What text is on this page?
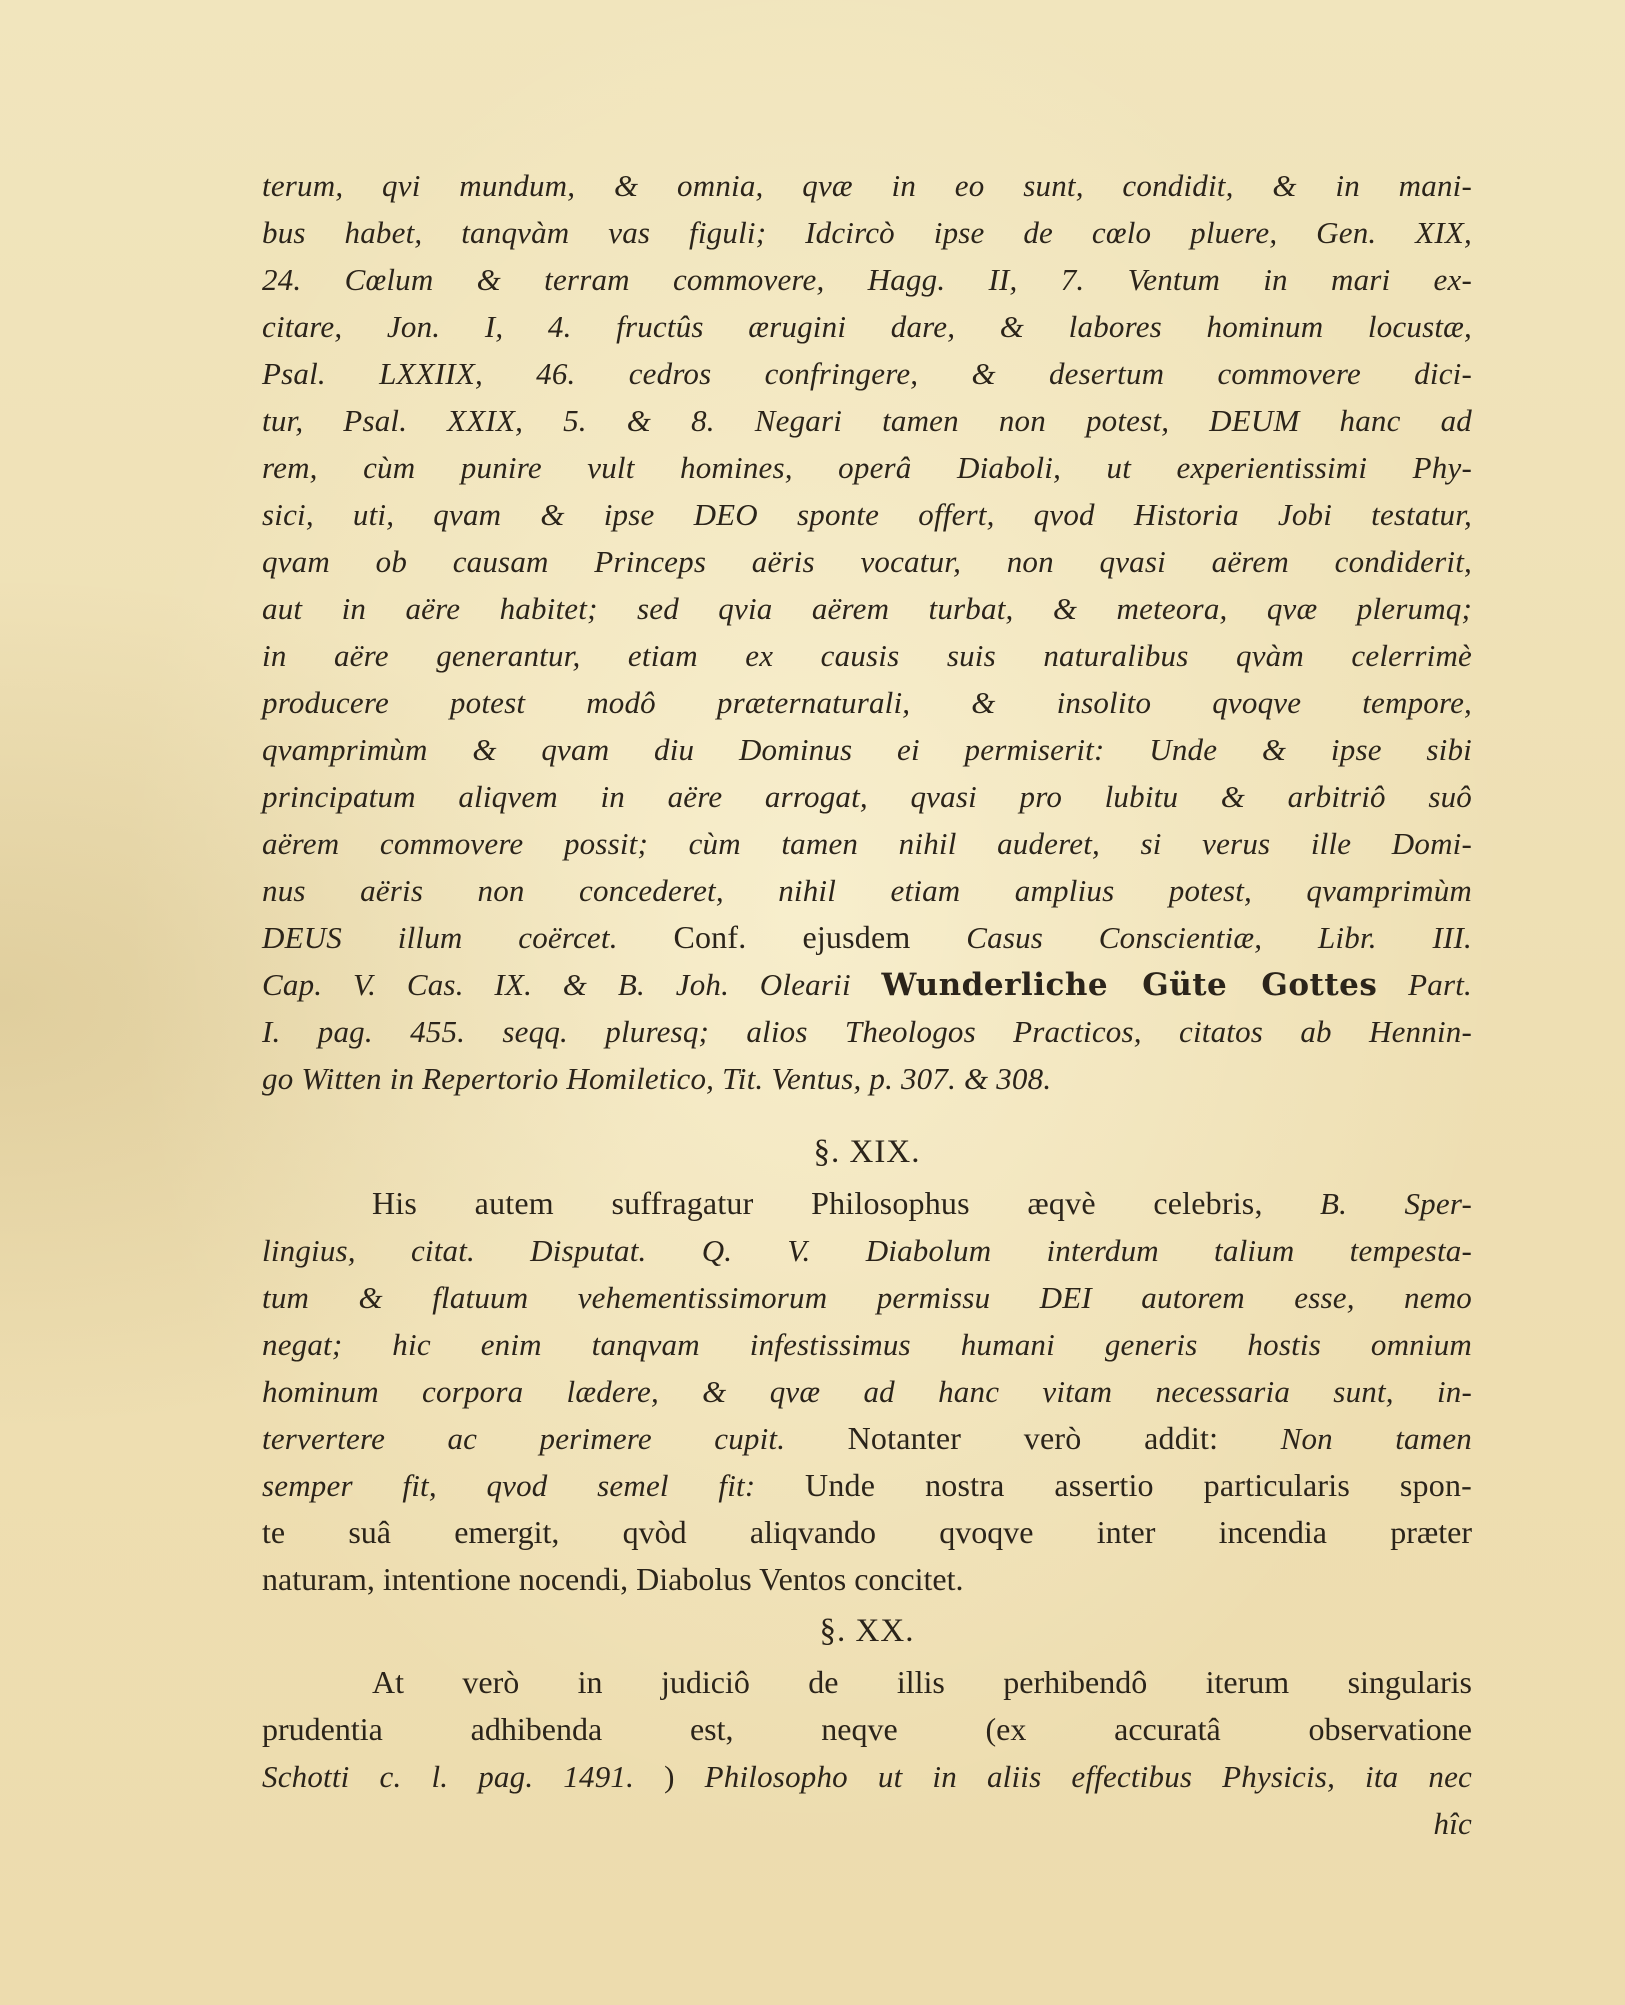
terum, qvi mundum, & omnia, qvæ in eo sunt, condidit, & in mani-
bus habet, tanqvàm vas figuli; Idcircò ipse de cœlo pluere, Gen. XIX,
24. Cœlum & terram commovere, Hagg. II, 7. Ventum in mari ex-
citare, Jon. I, 4. fructûs ærugini dare, & labores hominum locustæ,
Psal. LXXIIX, 46. cedros confringere, & desertum commovere dici-
tur, Psal. XXIX, 5. & 8. Negari tamen non potest, DEUM hanc ad
rem, cùm punire vult homines, operâ Diaboli, ut experientissimi Phy-
sici, uti, qvam & ipse DEO sponte offert, qvod Historia Jobi testatur,
qvam ob causam Princeps aëris vocatur, non qvasi aërem condiderit,
aut in aëre habitet; sed qvia aërem turbat, & meteora, qvæ plerumq;
in aëre generantur, etiam ex causis suis naturalibus qvàm celerrimè
producere potest modô præternaturali, & insolito qvoqve tempore,
qvamprimùm & qvam diu Dominus ei permiserit: Unde & ipse sibi
principatum aliqvem in aëre arrogat, qvasi pro lubitu & arbitriô suô
aërem commovere possit; cùm tamen nihil auderet, si verus ille Domi-
nus aëris non concederet, nihil etiam amplius potest, qvamprimùm
DEUS illum coërcet. Conf. ejusdem Casus Conscientiæ, Libr. III.
Cap. V. Cas. IX. & B. Joh. Olearii Wunderliche Güte Gottes Part.
I. pag. 455. seqq. pluresq; alios Theologos Practicos, citatos ab Hennin-
go Witten in Repertorio Homiletico, Tit. Ventus, p. 307. & 308.
§. XIX.
His autem suffragatur Philosophus æqvè celebris, B. Sper-
lingius, citat. Disputat. Q. V. Diabolum interdum talium tempesta-
tum & flatuum vehementissimorum permissu DEI autorem esse, nemo
negat; hic enim tanqvam infestissimus humani generis hostis omnium
hominum corpora lædere, & qvæ ad hanc vitam necessaria sunt, in-
tervertere ac perimere cupit. Notanter verò addit: Non tamen
semper fit, qvod semel fit: Unde nostra assertio particularis spon-
te suâ emergit, qvòd aliqvando qvoqve inter incendia præter
naturam, intentione nocendi, Diabolus Ventos concitet.
§. XX.
At verò in judiciô de illis perhibendô iterum singularis
prudentia adhibenda est, neqve (ex accuratâ observatione
Schotti c. l. pag. 1491. ) Philosopho ut in aliis effectibus Physicis, ita nec
hîc
